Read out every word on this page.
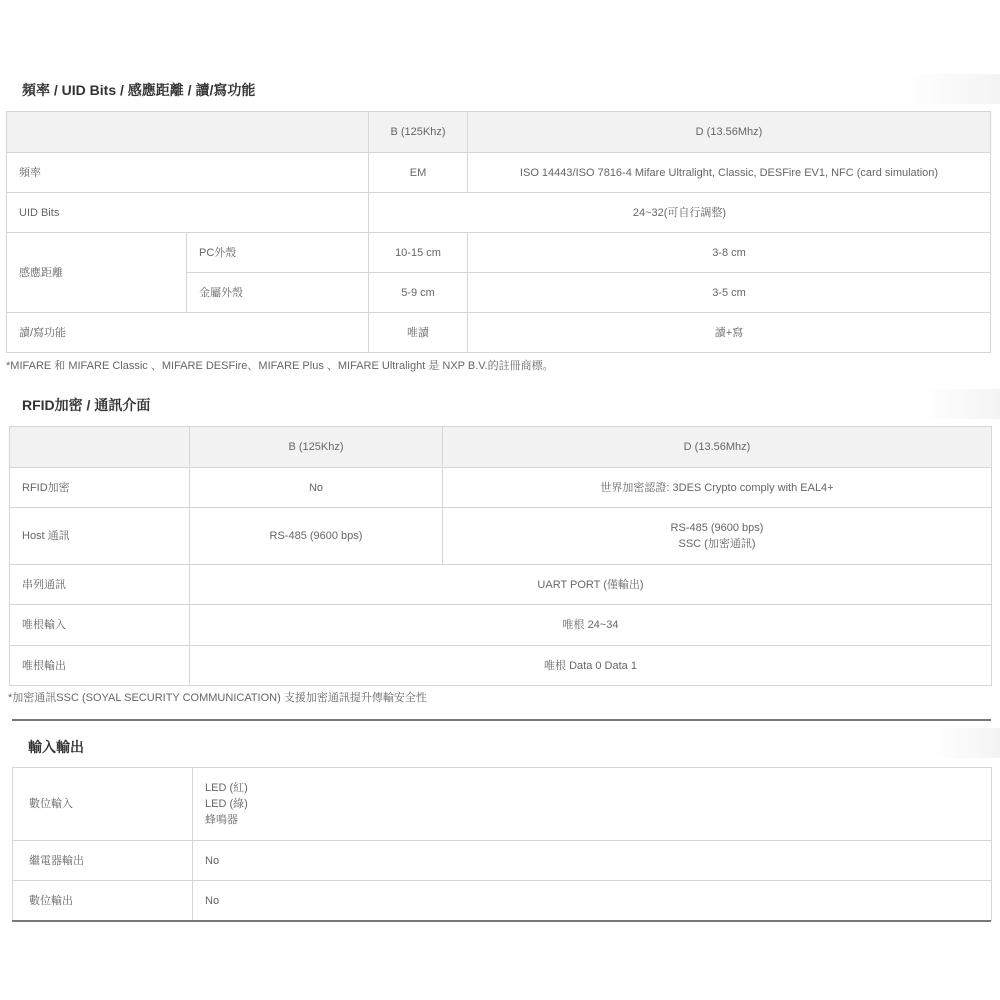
頻率 / UID Bits / 感應距離 / 讀/寫功能
		B (125Khz)	D (13.56Mhz)
頻率		EM	ISO 14443/ISO 7816-4 Mifare Ultralight, Classic, DESFire EV1, NFC (card simulation)
UID Bits		24~32(可自行調整)	
感應距離	PC外殼	10-15 cm	3-8 cm
	金屬外殼	5-9 cm	3-5 cm
讀/寫功能		唯讀	讀+寫
*MIFARE 和 MIFARE Classic 、MIFARE DESFire、MIFARE Plus 、MIFARE Ultralight 是 NXP B.V.的註冊商標。
RFID加密 / 通訊介面
	B (125Khz)	D (13.56Mhz)
RFID加密	No	世界加密認證: 3DES Crypto comply with EAL4+
Host 通訊	RS-485 (9600 bps)	RS-485 (9600 bps)
SSC (加密通訊)

串列通訊	UART PORT (僅輸出)	
唯根輸入	唯根 24~34	
唯根輸出	唯根 Data 0 Data 1	
*加密通訊SSC (SOYAL SECURITY COMMUNICATION) 支援加密通訊提升傳輸安全性
輸入輸出
數位輸入	LED (紅)
LED (綠)
蜂鳴器

繼電器輸出	No
數位輸出	No
